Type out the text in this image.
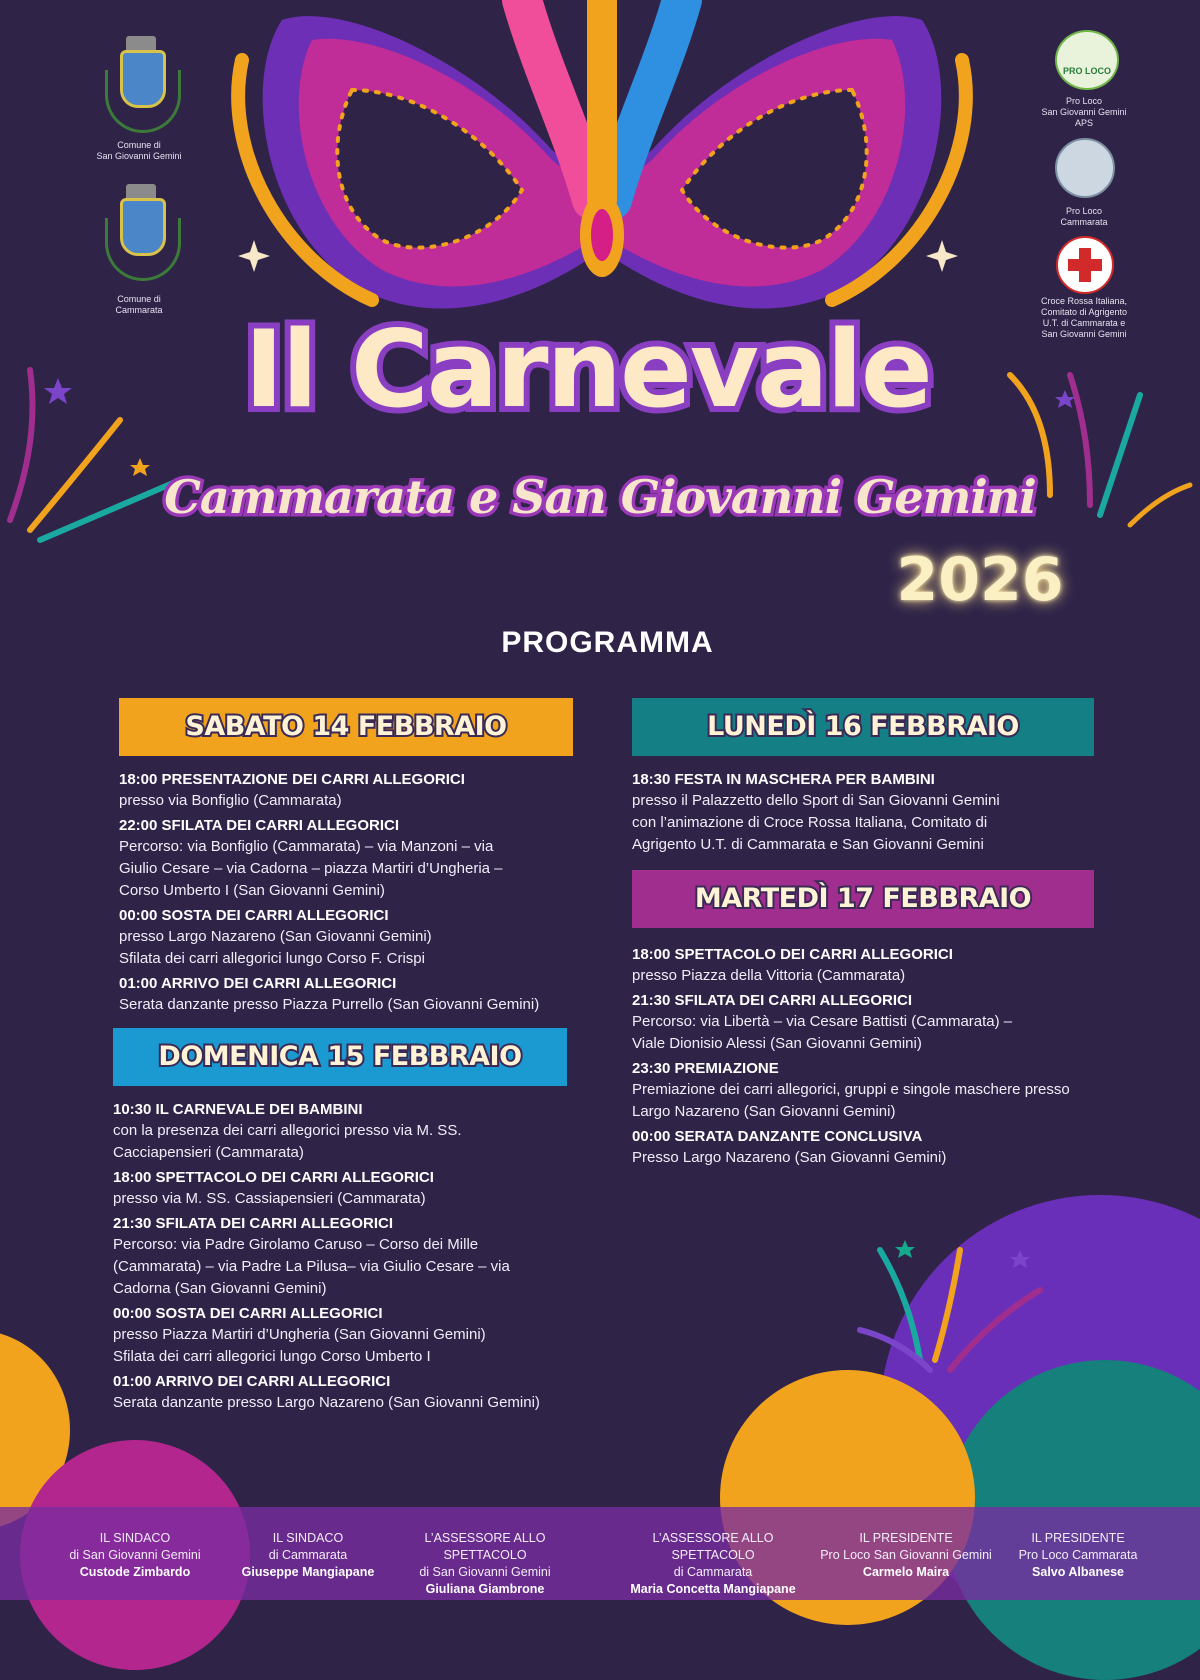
Comune di
San Giovanni Gemini
Comune di
Cammarata
PRO LOCO
Pro Loco
San Giovanni Gemini
APS
Pro Loco
Cammarata
Croce Rossa Italiana,
Comitato di Agrigento
U.T. di Cammarata e
San Giovanni Gemini
Il Carnevale
Cammarata e San Giovanni Gemini
2026
PROGRAMMA
SABATO 14 FEBBRAIO
18:00 PRESENTAZIONE DEI CARRI ALLEGORICI
presso via Bonfiglio (Cammarata)
22:00 SFILATA DEI CARRI ALLEGORICI
Percorso: via Bonfiglio (Cammarata) – via Manzoni – via
Giulio Cesare – via Cadorna – piazza Martiri d’Ungheria –
Corso Umberto I (San Giovanni Gemini)
00:00 SOSTA DEI CARRI ALLEGORICI
presso Largo Nazareno (San Giovanni Gemini)
Sfilata dei carri allegorici lungo Corso F. Crispi
01:00 ARRIVO DEI CARRI ALLEGORICI
Serata danzante presso Piazza Purrello (San Giovanni Gemini)
DOMENICA 15 FEBBRAIO
10:30 IL CARNEVALE DEI BAMBINI
con la presenza dei carri allegorici presso via M. SS.
Cacciapensieri (Cammarata)
18:00 SPETTACOLO DEI CARRI ALLEGORICI
presso via M. SS. Cassiapensieri (Cammarata)
21:30 SFILATA DEI CARRI ALLEGORICI
Percorso: via Padre Girolamo Caruso – Corso dei Mille
(Cammarata) – via Padre La Pilusa– via Giulio Cesare – via
Cadorna (San Giovanni Gemini)
00:00 SOSTA DEI CARRI ALLEGORICI
presso Piazza Martiri d’Ungheria (San Giovanni Gemini)
Sfilata dei carri allegorici lungo Corso Umberto I
01:00 ARRIVO DEI CARRI ALLEGORICI
Serata danzante presso Largo Nazareno (San Giovanni Gemini)
LUNEDÌ 16 FEBBRAIO
18:30 FESTA IN MASCHERA PER BAMBINI
presso il Palazzetto dello Sport di San Giovanni Gemini
con l’animazione di Croce Rossa Italiana, Comitato di
Agrigento U.T. di Cammarata e San Giovanni Gemini
MARTEDÌ 17 FEBBRAIO
18:00 SPETTACOLO DEI CARRI ALLEGORICI
presso Piazza della Vittoria (Cammarata)
21:30 SFILATA DEI CARRI ALLEGORICI
Percorso: via Libertà – via Cesare Battisti (Cammarata) –
Viale Dionisio Alessi (San Giovanni Gemini)
23:30 PREMIAZIONE
Premiazione dei carri allegorici, gruppi e singole maschere presso
Largo Nazareno (San Giovanni Gemini)
00:00 SERATA DANZANTE CONCLUSIVA
Presso Largo Nazareno (San Giovanni Gemini)
IL SINDACO
di San Giovanni Gemini
Custode Zimbardo
IL SINDACO
di Cammarata
Giuseppe Mangiapane
L’ASSESSORE ALLO SPETTACOLO
di San Giovanni Gemini
Giuliana Giambrone
L’ASSESSORE ALLO SPETTACOLO
di Cammarata
Maria Concetta Mangiapane
IL PRESIDENTE
Pro Loco San Giovanni Gemini
Carmelo Maira
IL PRESIDENTE
Pro Loco Cammarata
Salvo Albanese
